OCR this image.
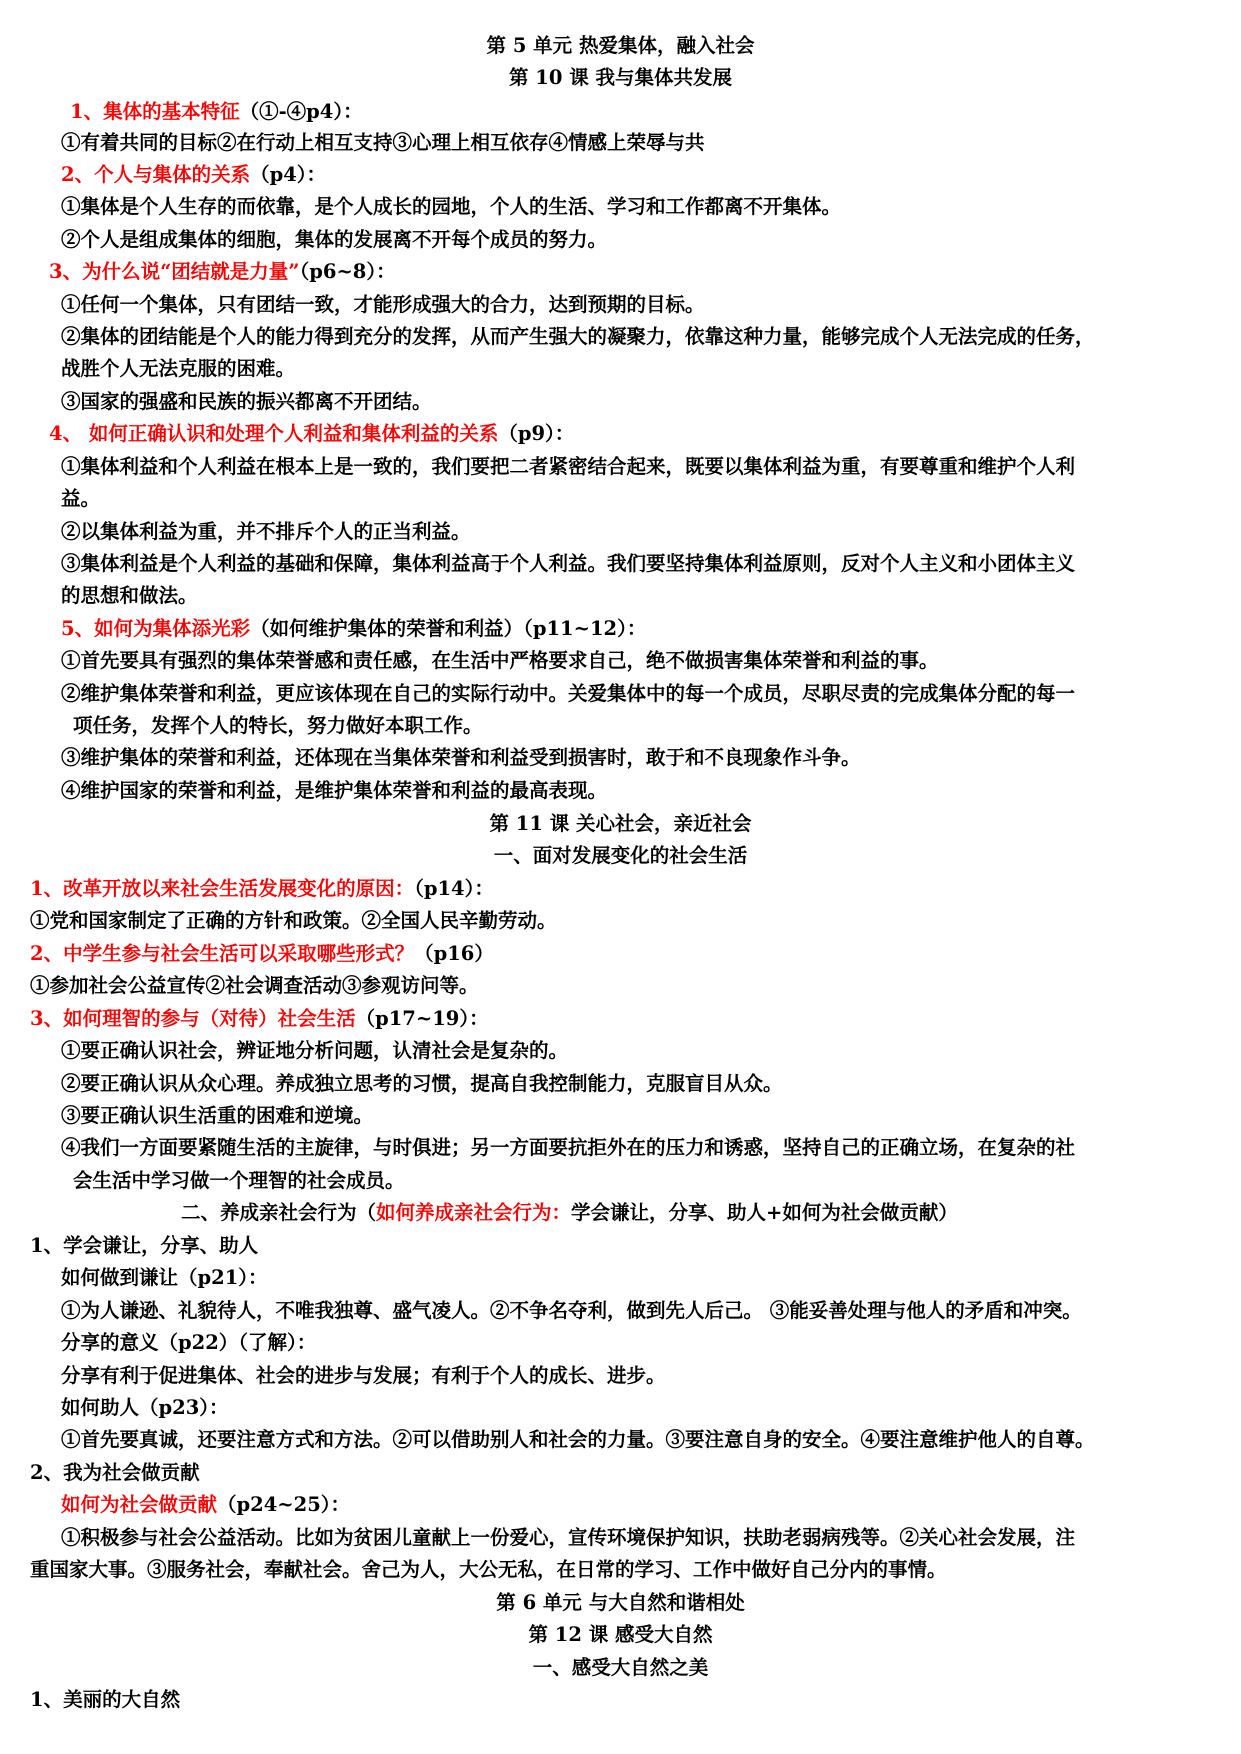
第 5 单元 热爱集体，融入社会
第 10 课 我与集体共发展
1、集体的基本特征（①-④p4）：
①有着共同的目标②在行动上相互支持③心理上相互依存④情感上荣辱与共
2、个人与集体的关系（p4）：
①集体是个人生存的而依靠，是个人成长的园地，个人的生活、学习和工作都离不开集体。
②个人是组成集体的细胞，集体的发展离不开每个成员的努力。
3、为什么说“团结就是力量”（p6~8）：
①任何一个集体，只有团结一致，才能形成强大的合力，达到预期的目标。
②集体的团结能是个人的能力得到充分的发挥，从而产生强大的凝聚力，依靠这种力量，能够完成个人无法完成的任务，
战胜个人无法克服的困难。
③国家的强盛和民族的振兴都离不开团结。
4、 如何正确认识和处理个人利益和集体利益的关系（p9）：
①集体利益和个人利益在根本上是一致的，我们要把二者紧密结合起来，既要以集体利益为重，有要尊重和维护个人利
益。
②以集体利益为重，并不排斥个人的正当利益。
③集体利益是个人利益的基础和保障，集体利益高于个人利益。我们要坚持集体利益原则，反对个人主义和小团体主义
的思想和做法。
5、如何为集体添光彩（如何维护集体的荣誉和利益）（p11~12）：
①首先要具有强烈的集体荣誉感和责任感，在生活中严格要求自己，绝不做损害集体荣誉和利益的事。
②维护集体荣誉和利益，更应该体现在自己的实际行动中。关爱集体中的每一个成员，尽职尽责的完成集体分配的每一
项任务，发挥个人的特长，努力做好本职工作。
③维护集体的荣誉和利益，还体现在当集体荣誉和利益受到损害时，敢于和不良现象作斗争。
④维护国家的荣誉和利益，是维护集体荣誉和利益的最高表现。
第 11 课 关心社会，亲近社会
一、面对发展变化的社会生活
1、改革开放以来社会生活发展变化的原因：（p14）：
①党和国家制定了正确的方针和政策。②全国人民辛勤劳动。
2、中学生参与社会生活可以采取哪些形式？（p16）
①参加社会公益宣传②社会调查活动③参观访问等。
3、如何理智的参与（对待）社会生活（p17~19）：
①要正确认识社会，辨证地分析问题，认清社会是复杂的。
②要正确认识从众心理。养成独立思考的习惯，提高自我控制能力，克服盲目从众。
③要正确认识生活重的困难和逆境。
④我们一方面要紧随生活的主旋律，与时俱进；另一方面要抗拒外在的压力和诱惑，坚持自己的正确立场，在复杂的社
会生活中学习做一个理智的社会成员。
二、养成亲社会行为（如何养成亲社会行为：学会谦让，分享、助人+如何为社会做贡献）
1、学会谦让，分享、助人
如何做到谦让（p21）：
①为人谦逊、礼貌待人，不唯我独尊、盛气凌人。②不争名夺利，做到先人后己。 ③能妥善处理与他人的矛盾和冲突。
分享的意义（p22）（了解）：
分享有利于促进集体、社会的进步与发展；有利于个人的成长、进步。
如何助人（p23）：
①首先要真诚，还要注意方式和方法。②可以借助别人和社会的力量。③要注意自身的安全。④要注意维护他人的自尊。
2、我为社会做贡献
如何为社会做贡献（p24~25）：
①积极参与社会公益活动。比如为贫困儿童献上一份爱心，宣传环境保护知识，扶助老弱病残等。②关心社会发展，注
重国家大事。③服务社会，奉献社会。舍己为人，大公无私，在日常的学习、工作中做好自己分内的事情。
第 6 单元 与大自然和谐相处
第 12 课 感受大自然
一、感受大自然之美
1、美丽的大自然
